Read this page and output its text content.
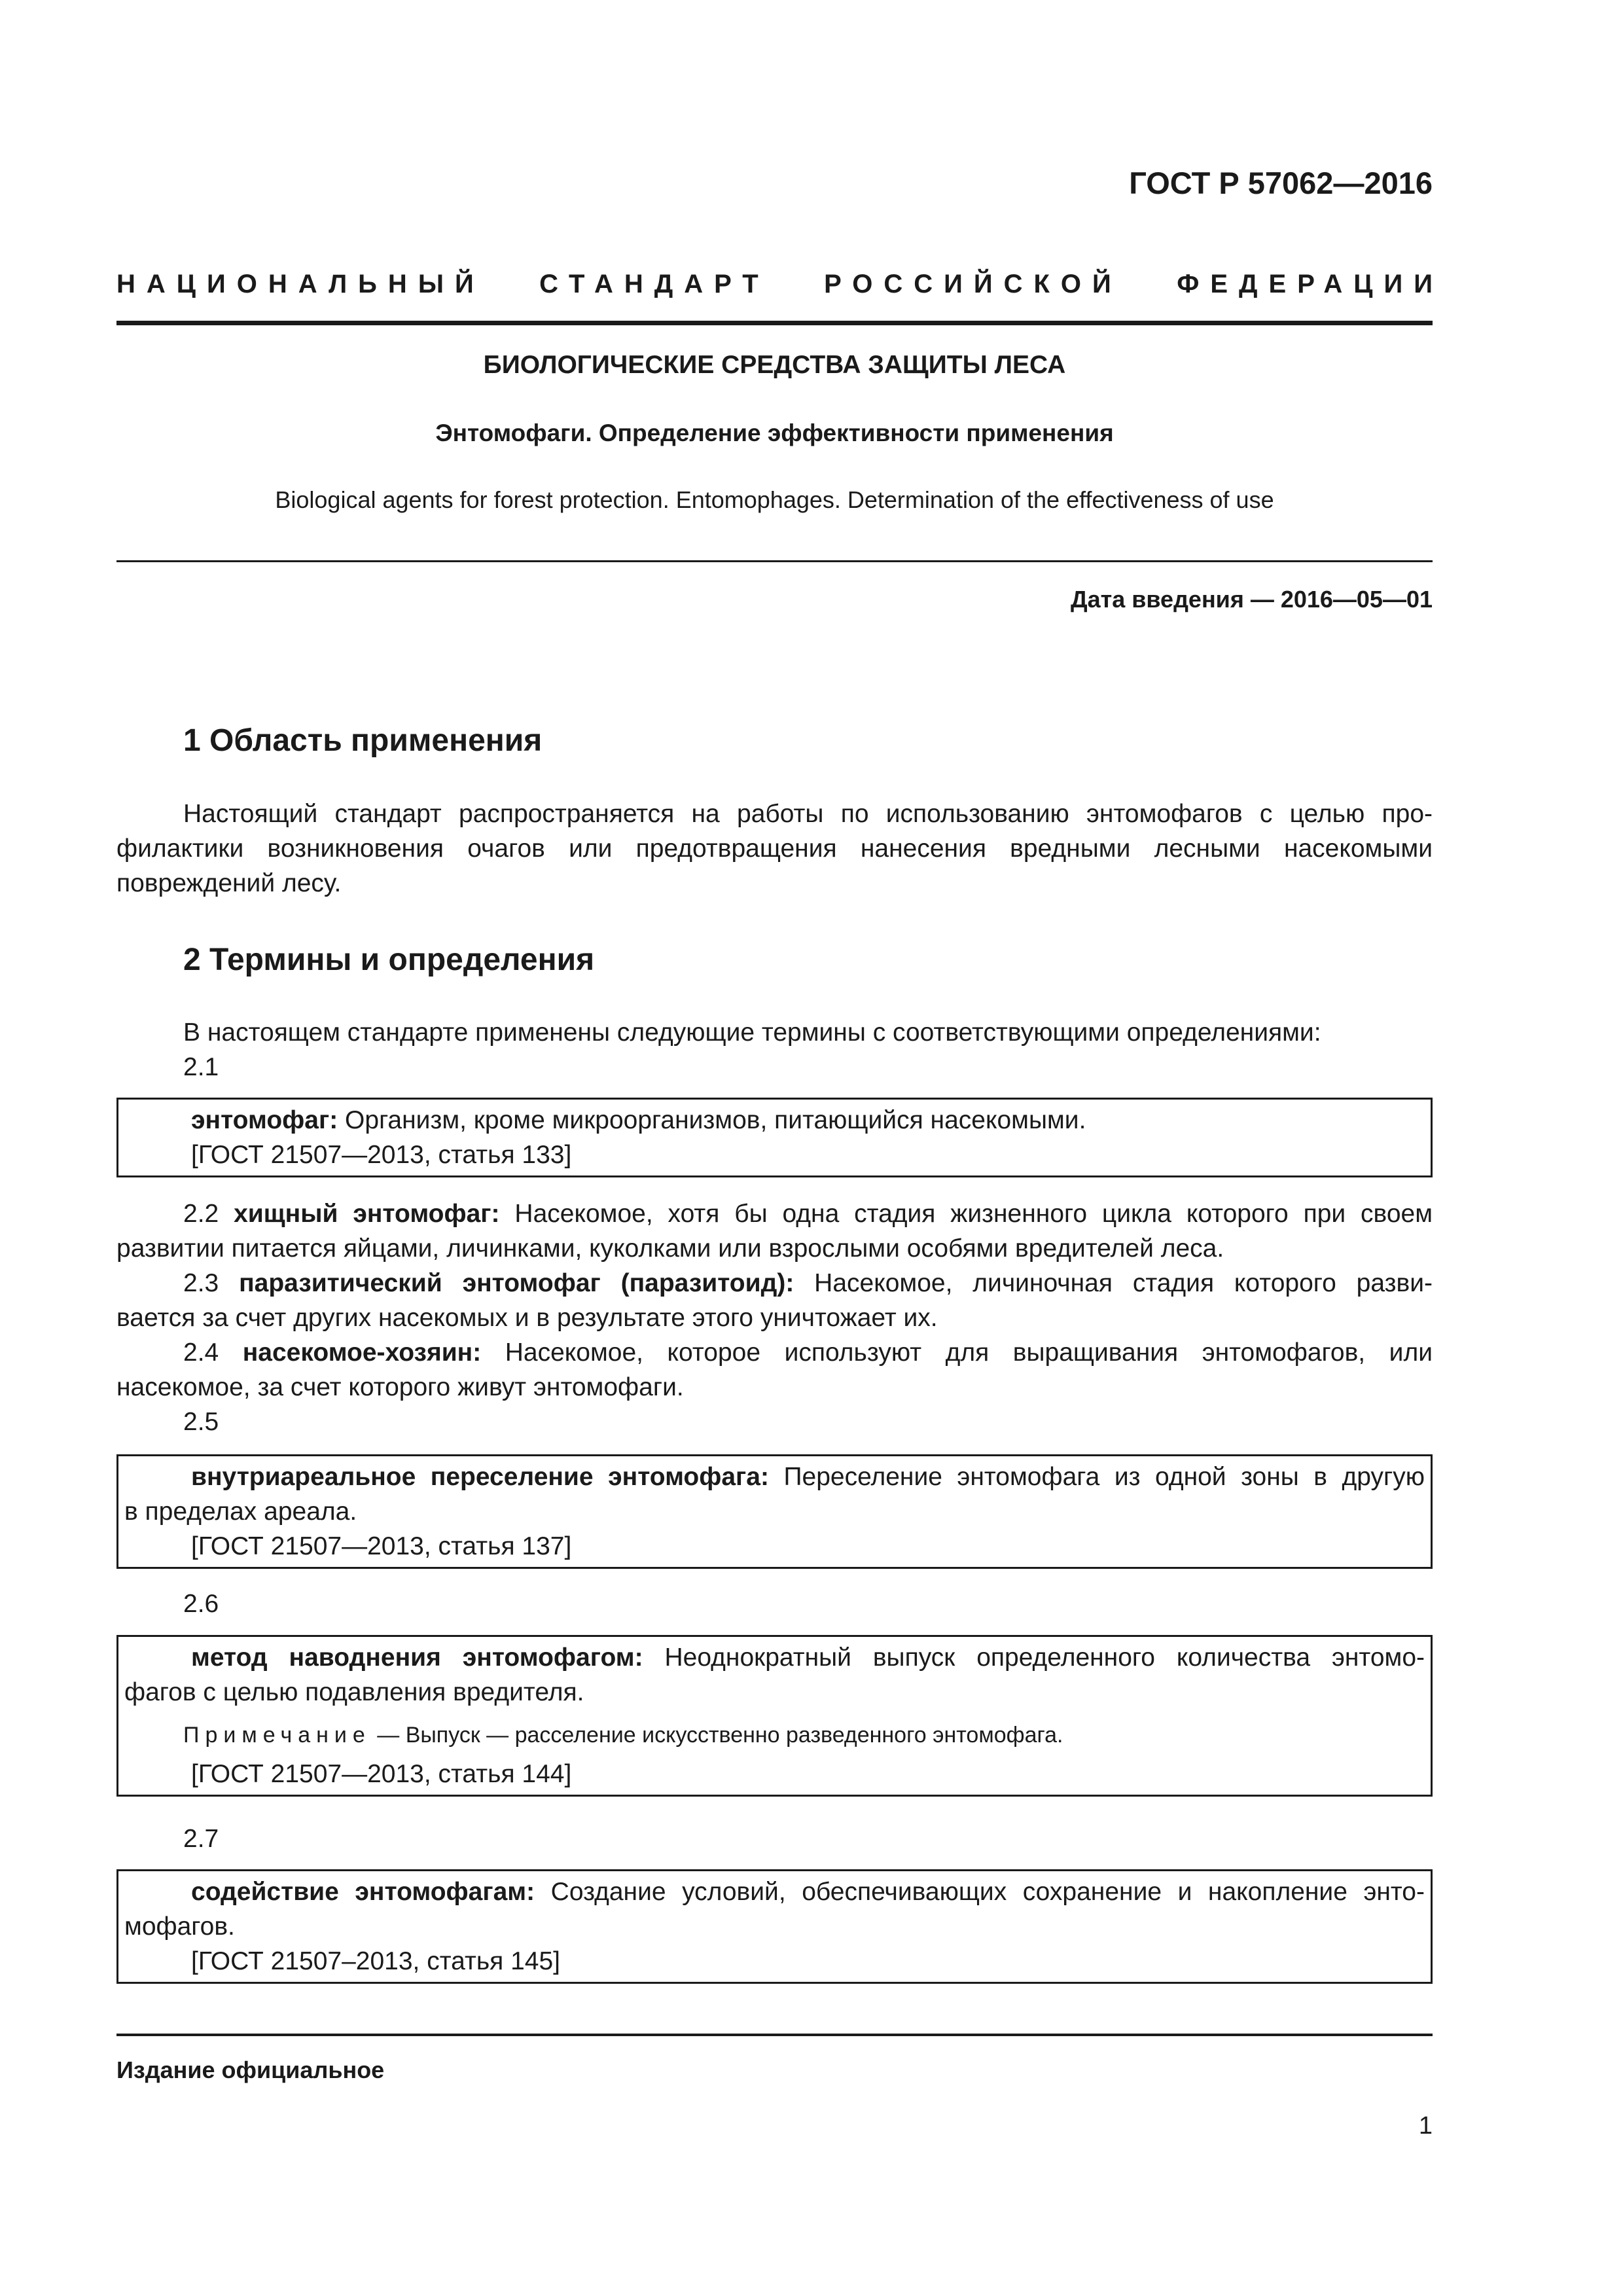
ГОСТ Р 57062—2016
НАЦИОНАЛЬНЫЙ СТАНДАРТ РОССИЙСКОЙ ФЕДЕРАЦИИ
БИОЛОГИЧЕСКИЕ СРЕДСТВА ЗАЩИТЫ ЛЕСА
Энтомофаги. Определение эффективности применения
Biological agents for forest protection. Entomophages. Determination of the effectiveness of use
Дата введения — 2016—05—01
1 Область применения
Настоящий стандарт распространяется на работы по использованию энтомофагов с целью про-
филактики возникновения очагов или предотвращения нанесения вредными лесными насекомыми
повреждений лесу.
2 Термины и определения
В настоящем стандарте применены следующие термины с соответствующими определениями:
2.1
энтомофаг: Организм, кроме микроорганизмов, питающийся насекомыми.
[ГОСТ 21507—2013, статья 133]
2.2 хищный энтомофаг: Насекомое, хотя бы одна стадия жизненного цикла которого при своем
развитии питается яйцами, личинками, куколками или взрослыми особями вредителей леса.
2.3 паразитический энтомофаг (паразитоид): Насекомое, личиночная стадия которого разви-
вается за счет других насекомых и в результате этого уничтожает их.
2.4 насекомое-хозяин: Насекомое, которое используют для выращивания энтомофагов, или
насекомое, за счет которого живут энтомофаги.
2.5
внутриареальное переселение энтомофага: Переселение энтомофага из одной зоны в другую
в пределах ареала.
[ГОСТ 21507—2013, статья 137]
2.6
метод наводнения энтомофагом: Неоднократный выпуск определенного количества энтомо-
фагов с целью подавления вредителя.
Примечание — Выпуск — расселение искусственно разведенного энтомофага.
[ГОСТ 21507—2013, статья 144]
2.7
содействие энтомофагам: Создание условий, обеспечивающих сохранение и накопление энто-
мофагов.
[ГОСТ 21507–2013, статья 145]
Издание официальное
1
